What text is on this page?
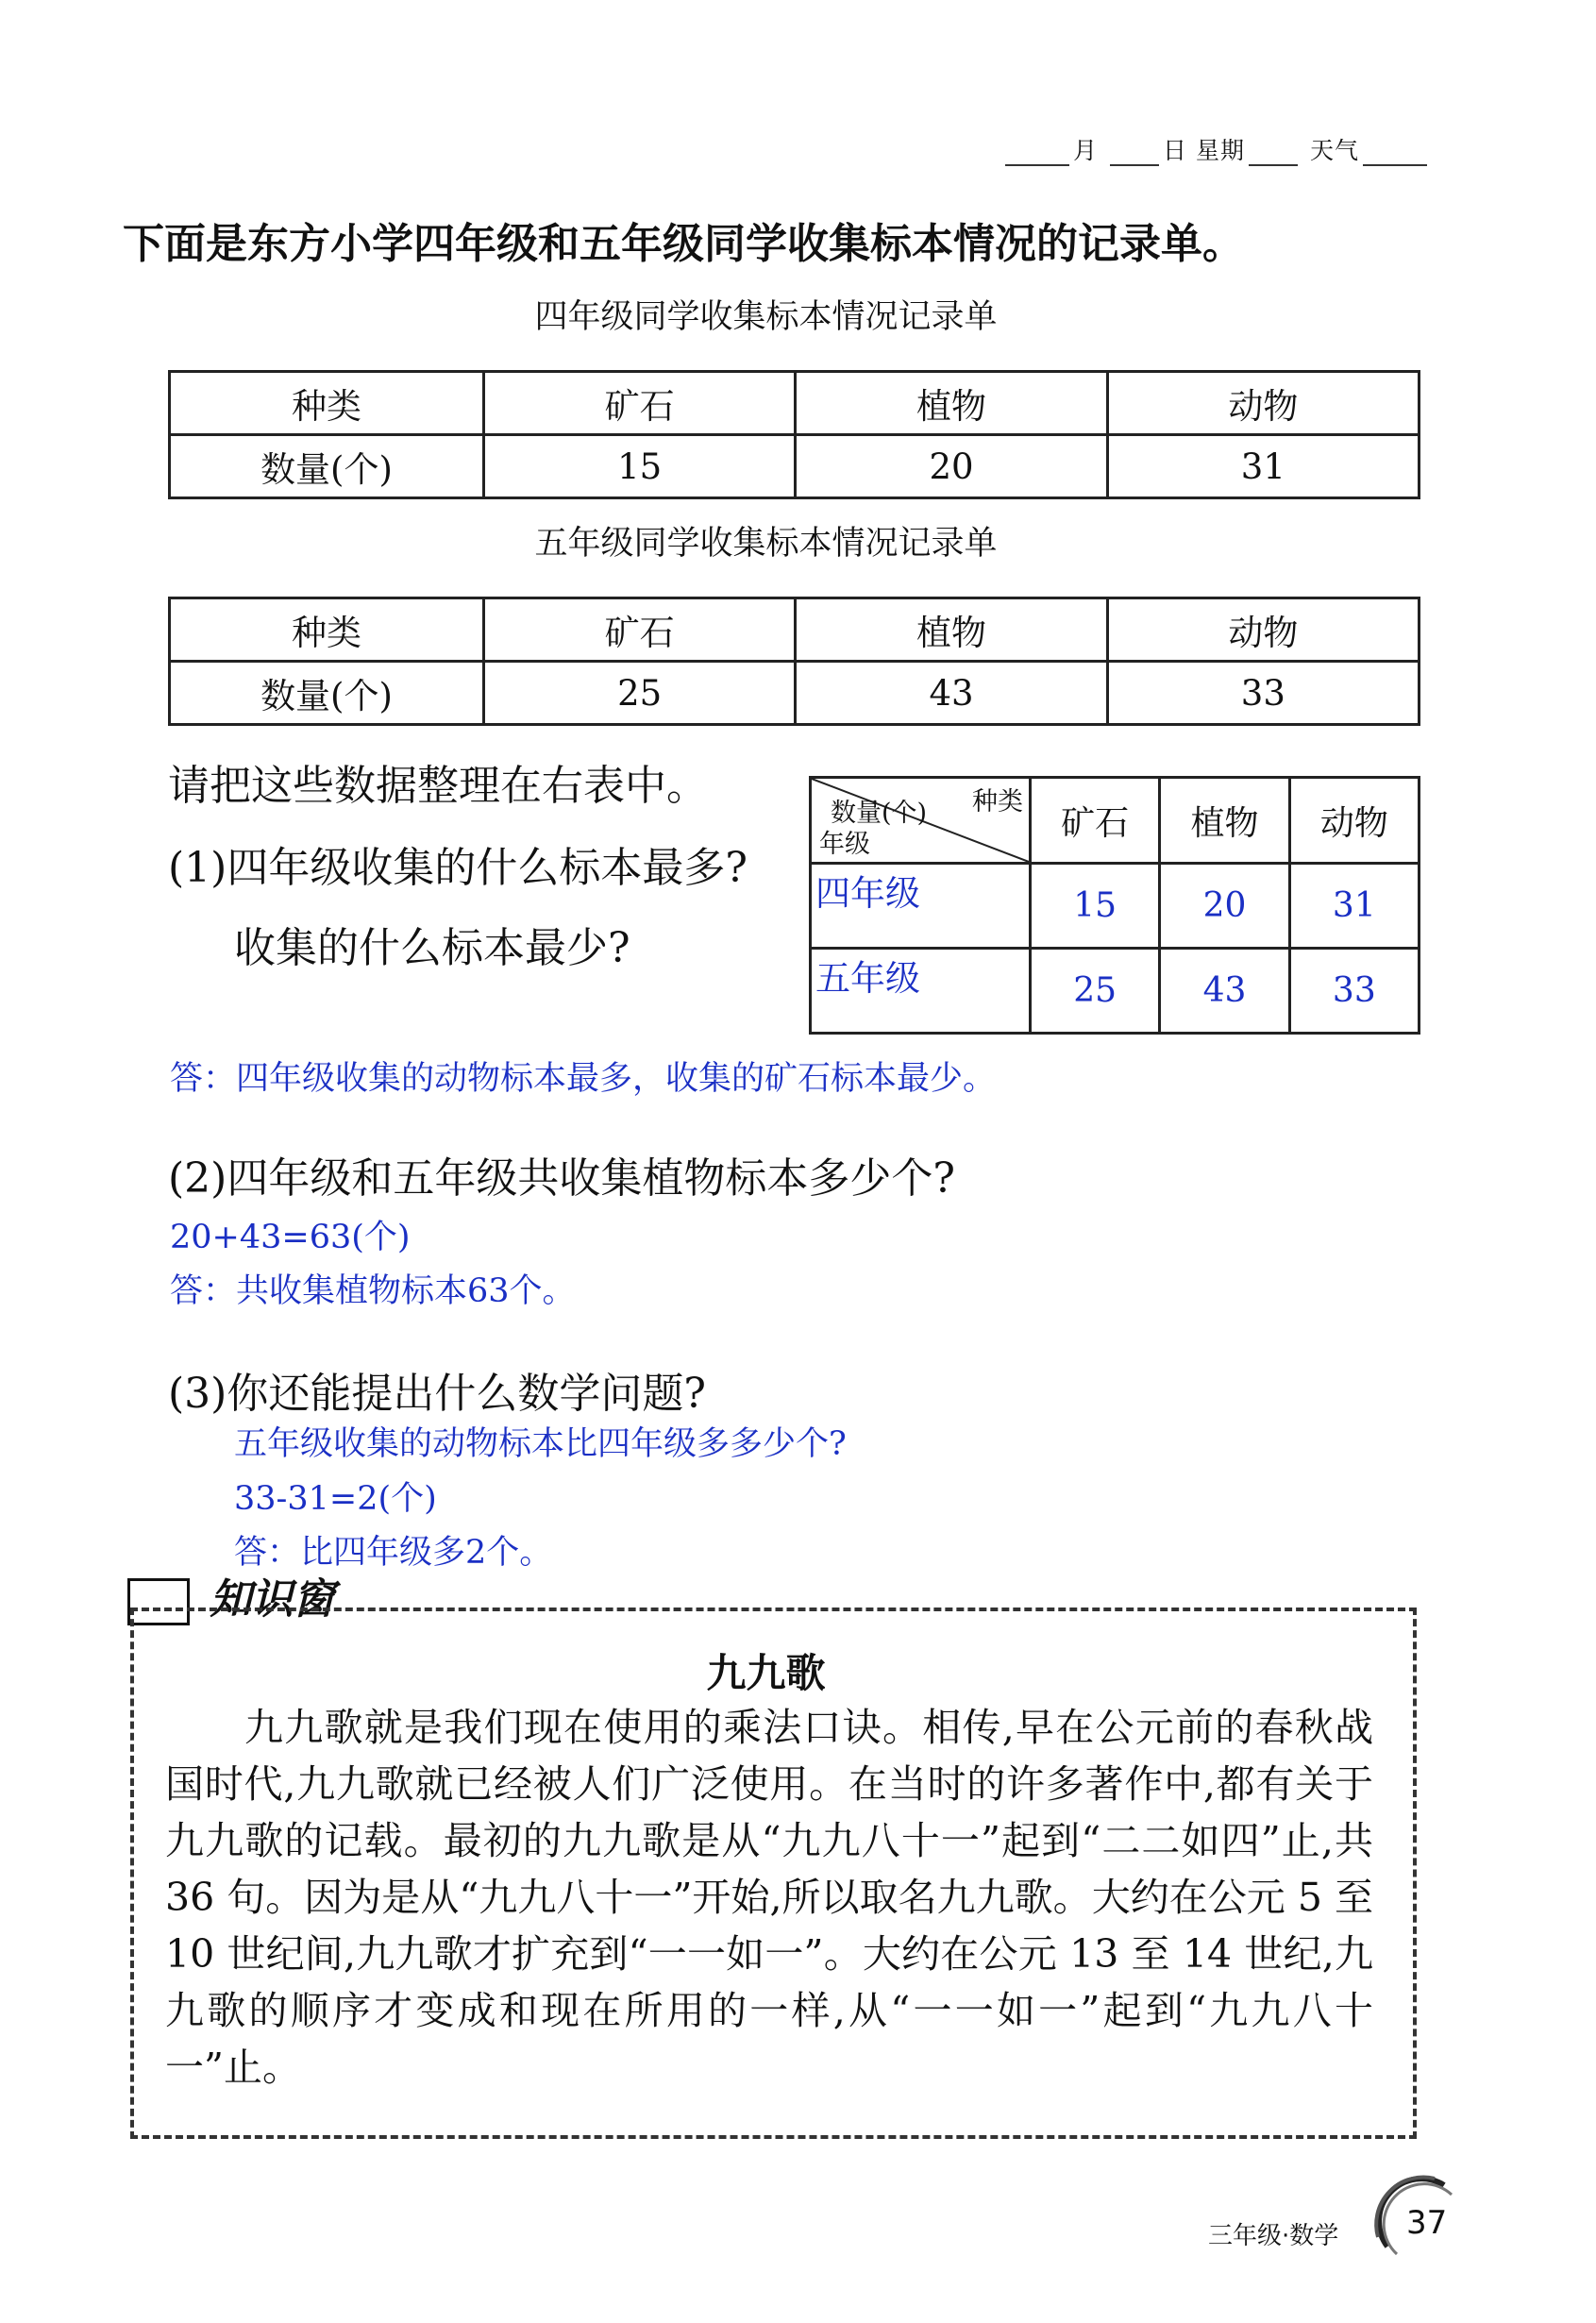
月	日 星期	天气
下面是东方小学四年级和五年级同学收集标本情况的记录单。
四年级同学收集标本情况记录单
种类	矿石	植物	动物
数量(个)	15	20	31
五年级同学收集标本情况记录单
种类	矿石	植物	动物
数量(个)	25	43	33
请把这些数据整理在右表中。
(1)四年级收集的什么标本最多?
收集的什么标本最少?
种类
数量(个)
年级	矿石	植物	动物
四年级	15	20	31
五年级	25	43	33
答：四年级收集的动物标本最多，收集的矿石标本最少。
(2)四年级和五年级共收集植物标本多少个?
20+43=63(个)
答：共收集植物标本63个。
(3)你还能提出什么数学问题?
五年级收集的动物标本比四年级多多少个?
33-31=2(个)
答：比四年级多2个。
知识窗
九九歌

九九歌就是我们现在使用的乘法口诀。相传,早在公元前的春秋战国时代,九九歌就已经被人们广泛使用。在当时的许多著作中,都有关于九九歌的记载。最初的九九歌是从“九九八十一”起到“二二如四”止,共 36 句。因为是从“九九八十一”开始,所以取名九九歌。大约在公元 5 至 10 世纪间,九九歌才扩充到“一一如一”。大约在公元 13 至 14 世纪,九九歌的顺序才变成和现在所用的一样,从“一一如一”起到“九九八十一”止。

三年级·数学 37
